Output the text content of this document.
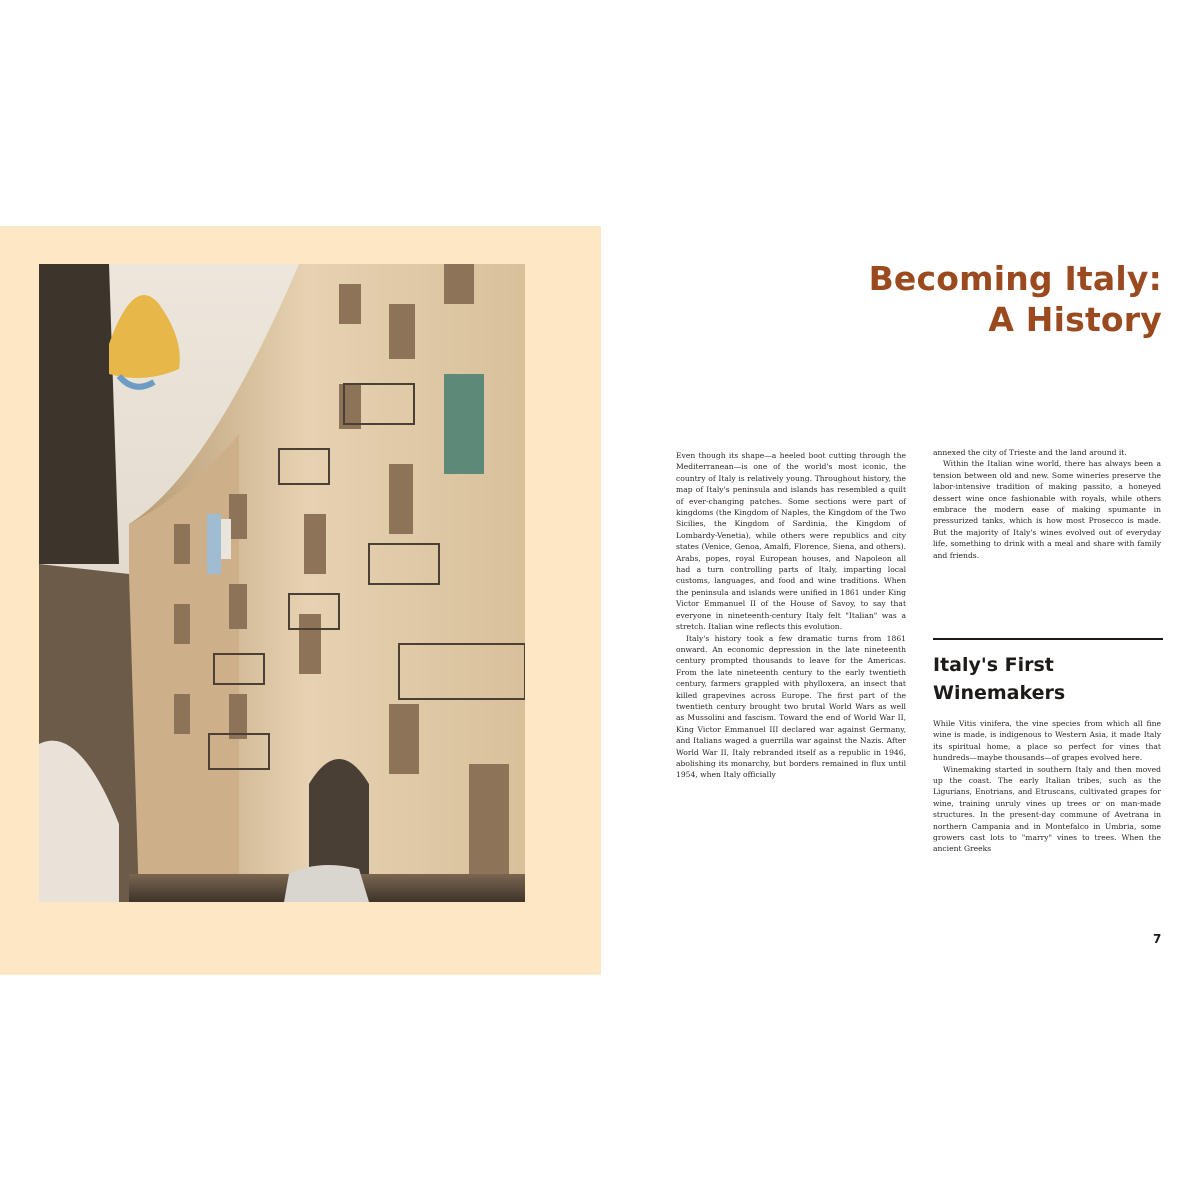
Becoming Italy:
A History

Even though its shape—a heeled boot cutting through the Mediterranean—is one of the world's most iconic, the country of Italy is relatively young. Throughout history, the map of Italy's peninsula and islands has resembled a quilt of ever-changing patches. Some sections were part of kingdoms (the Kingdom of Naples, the Kingdom of the Two Sicilies, the Kingdom of Sardinia, the Kingdom of Lombardy-Venetia), while others were republics and city states (Venice, Genoa, Amalfi, Florence, Siena, and others). Arabs, popes, royal European houses, and Napoleon all had a turn controlling parts of Italy, imparting local customs, languages, and food and wine traditions. When the peninsula and islands were unified in 1861 under King Victor Emmanuel II of the House of Savoy, to say that everyone in nineteenth-century Italy felt "Italian" was a stretch. Italian wine reflects this evolution.

Italy's history took a few dramatic turns from 1861 onward. An economic depression in the late nineteenth century prompted thousands to leave for the Americas. From the late nineteenth century to the early twentieth century, farmers grappled with phylloxera, an insect that killed grapevines across Europe. The first part of the twentieth century brought two brutal World Wars as well as Mussolini and fascism. Toward the end of World War II, King Victor Emmanuel III declared war against Germany, and Italians waged a guerrilla war against the Nazis. After World War II, Italy rebranded itself as a republic in 1946, abolishing its monarchy, but borders remained in flux until 1954, when Italy officially

annexed the city of Trieste and the land around it.

Within the Italian wine world, there has always been a tension between old and new. Some wineries preserve the labor-intensive tradition of making passito, a honeyed dessert wine once fashionable with royals, while others embrace the modern ease of making spumante in pressurized tanks, which is how most Prosecco is made. But the majority of Italy's wines evolved out of everyday life, something to drink with a meal and share with family and friends.

Italy's First
Winemakers

While Vitis vinifera, the vine species from which all fine wine is made, is indigenous to Western Asia, it made Italy its spiritual home, a place so perfect for vines that hundreds—maybe thousands—of grapes evolved here.

Winemaking started in southern Italy and then moved up the coast. The early Italian tribes, such as the Ligurians, Enotrians, and Etruscans, cultivated grapes for wine, training unruly vines up trees or on man-made structures. In the present-day commune of Avetrana in northern Campania and in Montefalco in Umbria, some growers cast lots to "marry" vines to trees. When the ancient Greeks

7
